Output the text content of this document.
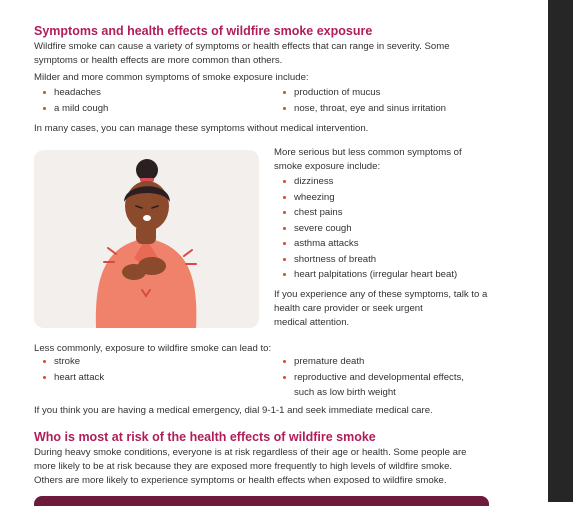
Symptoms and health effects of wildfire smoke exposure

Wildfire smoke can cause a variety of symptoms or health effects that can range in severity. Some
symptoms or health effects are more common than others.

Milder and more common symptoms of smoke exposure include:

headaches
a mild cough
production of mucus
nose, throat, eye and sinus irritation

In many cases, you can manage these symptoms without medical intervention.

More serious but less common symptoms of
smoke exposure include:

dizziness
wheezing
chest pains
severe cough
asthma attacks
shortness of breath
heart palpitations (irregular heart beat)

If you experience any of these symptoms, talk to a
health care provider or seek urgent
medical attention.

Less commonly, exposure to wildfire smoke can lead to:

stroke
heart attack
premature death
reproductive and developmental effects,
such as low birth weight

If you think you are having a medical emergency, dial 9-1-1 and seek immediate medical care.

Who is most at risk of the health effects of wildfire smoke

During heavy smoke conditions, everyone is at risk regardless of their age or health. Some people are
more likely to be at risk because they are exposed more frequently to high levels of wildfire smoke.
Others are more likely to experience symptoms or health effects when exposed to wildfire smoke.
